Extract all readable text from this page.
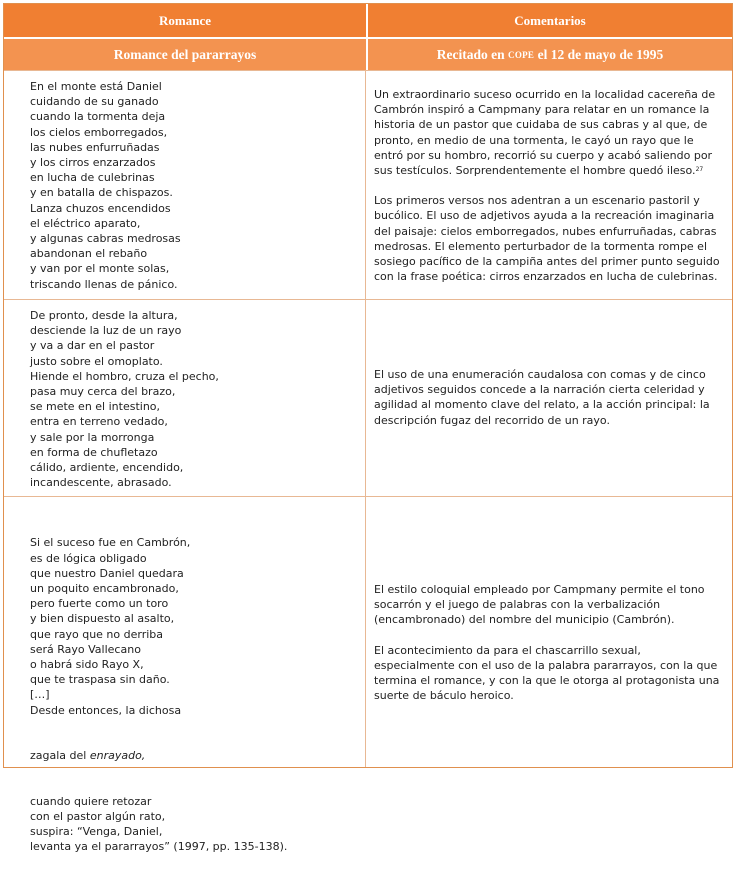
Romance	Comentarios
Romance del pararrayos	Recitado en
COPE
el 12 de mayo de 1995
En el monte está Daniel
cuidando de su ganado
cuando la tormenta deja
los cielos emborregados,
las nubes enfurruñadas
y los cirros enzarzados
en lucha de culebrinas
y en batalla de chispazos.
Lanza chuzos encendidos
el eléctrico aparato,
y algunas cabras medrosas
abandonan el rebaño
y van por el monte solas,
triscando llenas de pánico.

Un extraordinario suceso ocurrido en la localidad cacereña de Cambrón inspiró a Campmany para relatar en un romance la historia de un pastor que cuidaba de sus cabras y al que, de pronto, en medio de una tormenta, le cayó un rayo que le entró por su hombro, recorrió su cuerpo y acabó saliendo por sus testículos. Sorprendentemente el hombre quedó ileso.$^{27}$

Los primeros versos nos adentran a un escenario pastoril y bucólico. El uso de adjetivos ayuda a la recreación imaginaria del paisaje: cielos emborregados, nubes enfurruñadas, cabras medrosas. El elemento perturbador de la tormenta rompe el sosiego pacífico de la campiña antes del primer punto seguido con la frase poética: cirros enzarzados en lucha de culebrinas.

De pronto, desde la altura,
desciende la luz de un rayo
y va a dar en el pastor
justo sobre el omoplato.
Hiende el hombro, cruza el pecho,
pasa muy cerca del brazo,
se mete en el intestino,
entra en terreno vedado,
y sale por la morronga
en forma de chufletazo
cálido, ardiente, encendido,
incandescente, abrasado.

El uso de una enumeración caudalosa con comas y de cinco adjetivos seguidos concede a la narración cierta celeridad y agilidad al momento clave del relato, a la acción principal: la descripción fugaz del recorrido de un rayo.

Si el suceso fue en Cambrón,
es de lógica obligado
que nuestro Daniel quedara
un poquito encambronado,
pero fuerte como un toro
y bien dispuesto al asalto,
que rayo que no derriba
será Rayo Vallecano
o habrá sido Rayo X,
que te traspasa sin daño.
[…]
Desde entonces, la dichosa

zagala del enrayado,

cuando quiere retozar
con el pastor algún rato,
suspira: “Venga, Daniel,
levanta ya el pararrayos” (1997, pp. 135-138).

El estilo coloquial empleado por Campmany permite el tono socarrón y el juego de palabras con la verbalización (encambronado) del nombre del municipio (Cambrón).

El acontecimiento da para el chascarrillo sexual, especialmente con el uso de la palabra pararrayos, con la que termina el romance, y con la que le otorga al protagonista una suerte de báculo heroico.
